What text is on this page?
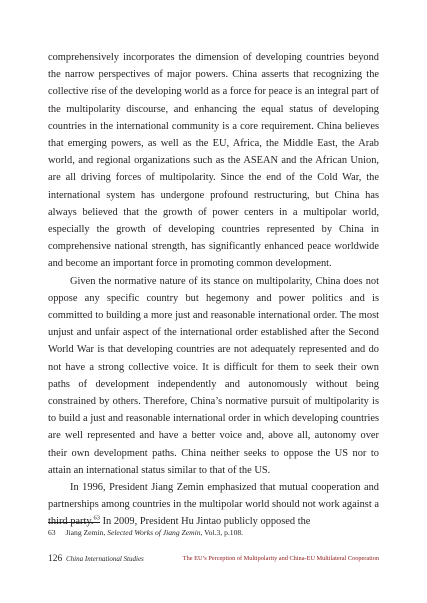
comprehensively incorporates the dimension of developing countries beyond the narrow perspectives of major powers. China asserts that recognizing the collective rise of the developing world as a force for peace is an integral part of the multipolarity discourse, and enhancing the equal status of developing countries in the international community is a core requirement. China believes that emerging powers, as well as the EU, Africa, the Middle East, the Arab world, and regional organizations such as the ASEAN and the African Union, are all driving forces of multipolarity. Since the end of the Cold War, the international system has undergone profound restructuring, but China has always believed that the growth of power centers in a multipolar world, especially the growth of developing countries represented by China in comprehensive national strength, has significantly enhanced peace worldwide and become an important force in promoting common development.

Given the normative nature of its stance on multipolarity, China does not oppose any specific country but hegemony and power politics and is committed to building a more just and reasonable international order. The most unjust and unfair aspect of the international order established after the Second World War is that developing countries are not adequately represented and do not have a strong collective voice. It is difficult for them to seek their own paths of development independently and autonomously without being constrained by others. Therefore, China’s normative pursuit of multipolarity is to build a just and reasonable international order in which developing countries are well represented and have a better voice and, above all, autonomy over their own development paths. China neither seeks to oppose the US nor to attain an international status similar to that of the US.

In 1996, President Jiang Zemin emphasized that mutual cooperation and partnerships among countries in the multipolar world should not work against a third party.$^{63}$ In 2009, President Hu Jintao publicly opposed the

63 Jiang Zemin, Selected Works of Jiang Zemin, Vol.3, p.108.
126 China International Studies	The EU’s Perception of Multipolarity and China-EU Multilateral Cooperation
